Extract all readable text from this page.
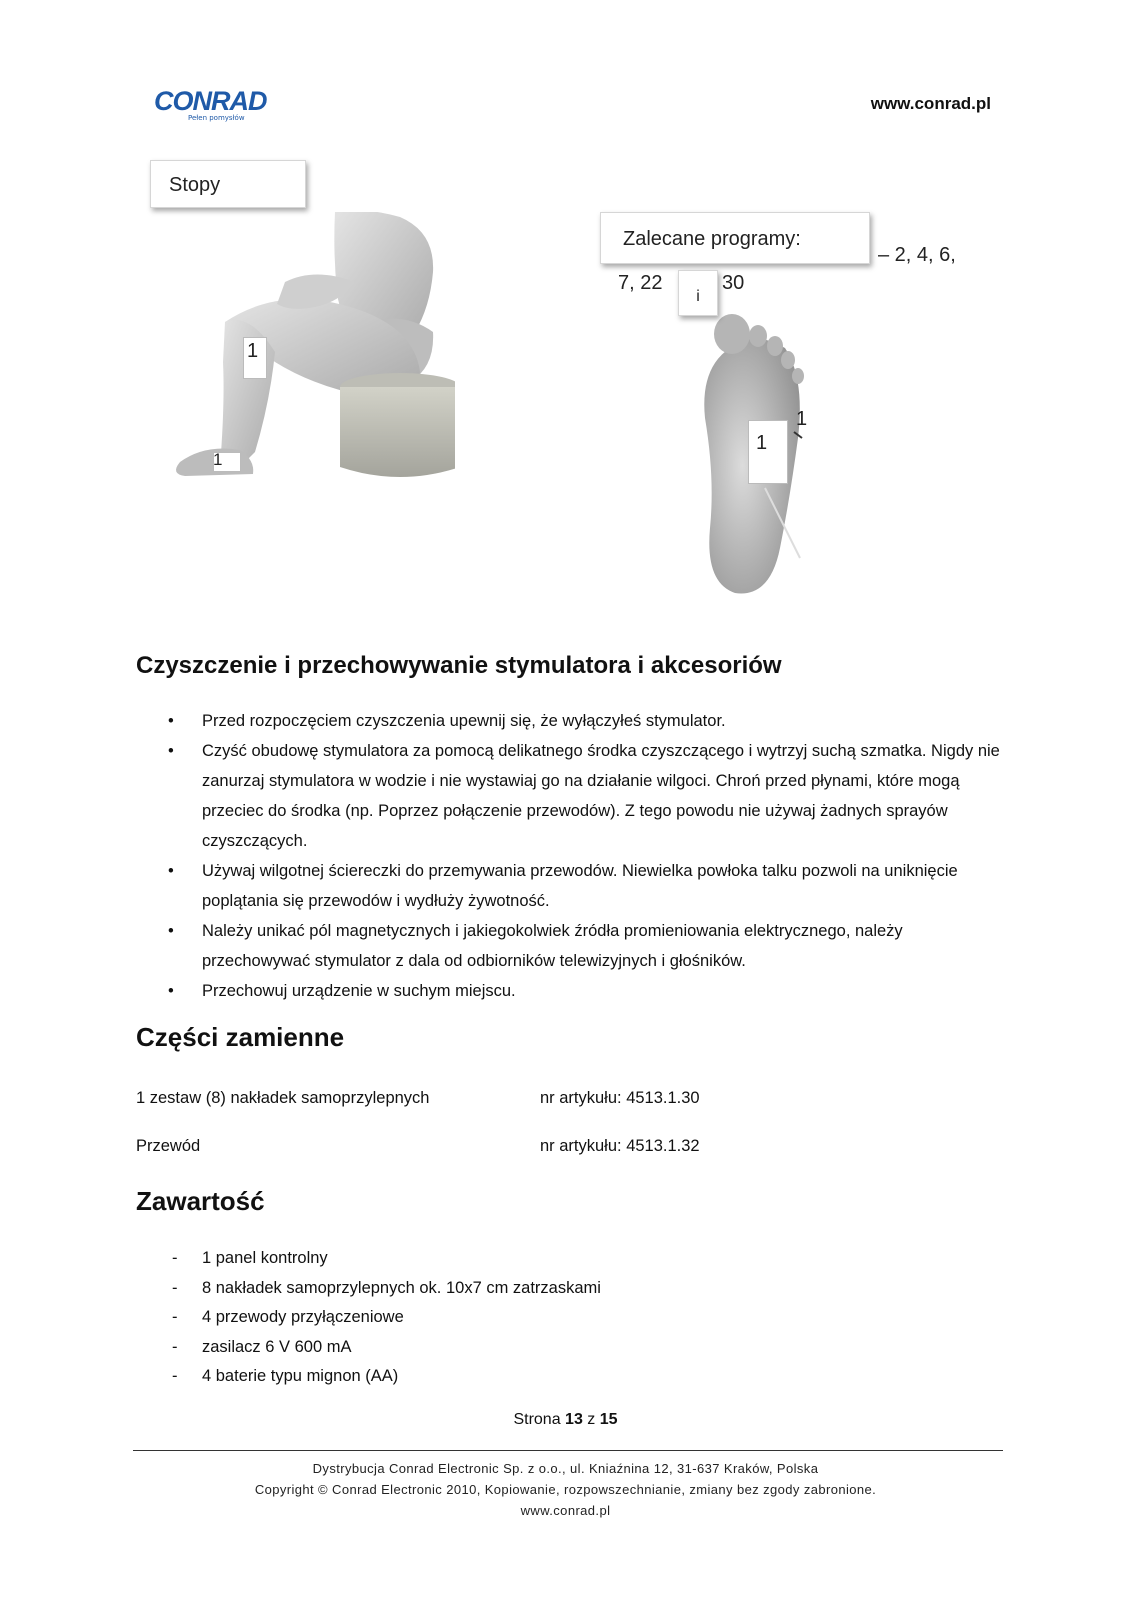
CONRAD
Pełen pomysłów
www.conrad.pl
1
1
Stopy
1
1
Zalecane programy:
– 2, 4, 6,
7, 22	30
i
Czyszczenie i przechowywanie stymulatora i akcesoriów
• Przed rozpoczęciem czyszczenia upewnij się, że wyłączyłeś stymulator.
• Czyść obudowę stymulatora za pomocą delikatnego środka czyszczącego i wytrzyj suchą szmatka. Nigdy nie zanurzaj stymulatora w wodzie i nie wystawiaj go na działanie wilgoci. Chroń przed płynami, które mogą przeciec do środka (np. Poprzez połączenie przewodów). Z tego powodu nie używaj żadnych sprayów czyszczących.
• Używaj wilgotnej ściereczki do przemywania przewodów. Niewielka powłoka talku pozwoli na uniknięcie poplątania się przewodów i wydłuży żywotność.
• Należy unikać pól magnetycznych i jakiegokolwiek źródła promieniowania elektrycznego, należy przechowywać stymulator z dala od odbiorników telewizyjnych i głośników.
• Przechowuj urządzenie w suchym miejscu.
Części zamienne
1 zestaw (8) nakładek samoprzylepnych	nr artykułu: 4513.1.30
Przewód	nr artykułu: 4513.1.32
Zawartość
- 1 panel kontrolny
- 8 nakładek samoprzylepnych ok. 10x7 cm zatrzaskami
- 4 przewody przyłączeniowe
- zasilacz 6 V 600 mA
- 4 baterie typu mignon (AA)
Strona 13 z 15
Dystrybucja Conrad Electronic Sp. z o.o., ul. Kniaźnina 12, 31-637 Kraków, Polska
Copyright © Conrad Electronic 2010, Kopiowanie, rozpowszechnianie, zmiany bez zgody zabronione.
www.conrad.pl
